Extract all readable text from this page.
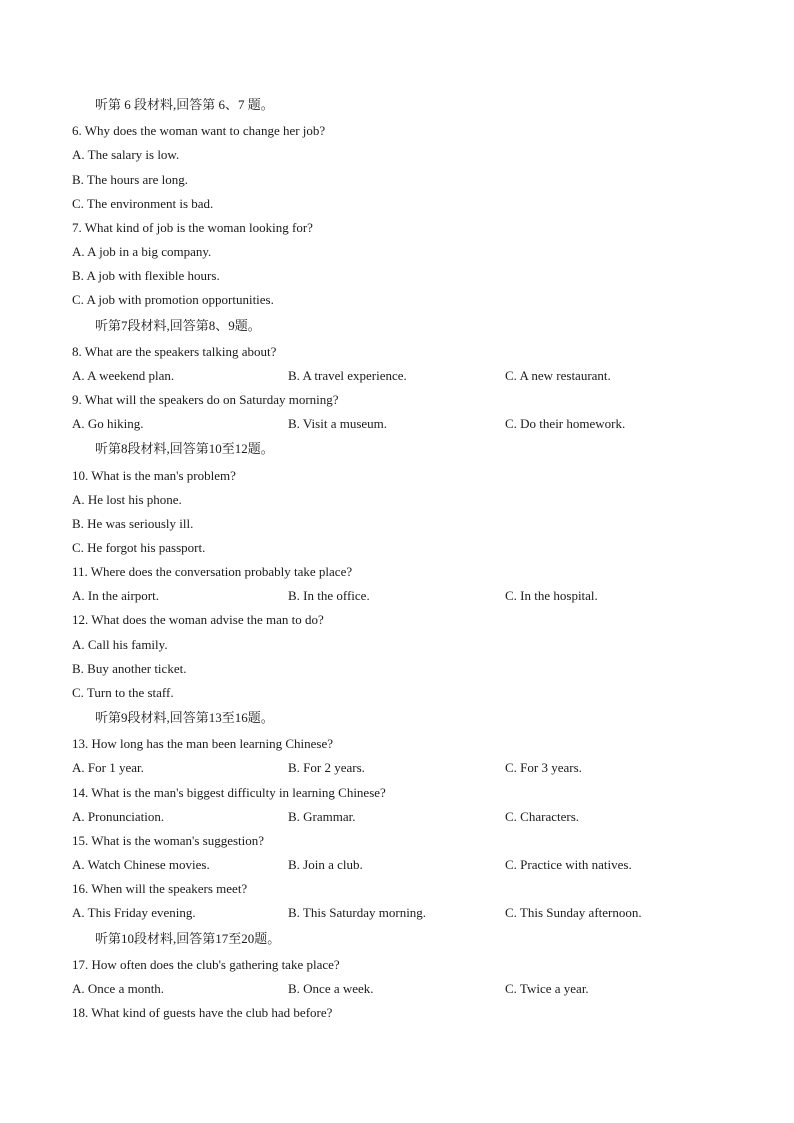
听第 6 段材料,回答第 6、7 题。
6. Why does the woman want to change her job?
A. The salary is low.
B. The hours are long.
C. The environment is bad.
7. What kind of job is the woman looking for?
A. A job in a big company.
B. A job with flexible hours.
C. A job with promotion opportunities.
听第7段材料,回答第8、9题。
8. What are the speakers talking about?
A. A weekend plan.	B. A travel experience.	C. A new restaurant.
9. What will the speakers do on Saturday morning?
A. Go hiking.	B. Visit a museum.	C. Do their homework.
听第8段材料,回答第10至12题。
10. What is the man's problem?
A. He lost his phone.
B. He was seriously ill.
C. He forgot his passport.
11. Where does the conversation probably take place?
A. In the airport.	B. In the office.	C. In the hospital.
12. What does the woman advise the man to do?
A. Call his family.
B. Buy another ticket.
C. Turn to the staff.
听第9段材料,回答第13至16题。
13. How long has the man been learning Chinese?
A. For 1 year.	B. For 2 years.	C. For 3 years.
14. What is the man's biggest difficulty in learning Chinese?
A. Pronunciation.	B. Grammar.	C. Characters.
15. What is the woman's suggestion?
A. Watch Chinese movies.	B. Join a club.	C. Practice with natives.
16. When will the speakers meet?
A. This Friday evening.	B. This Saturday morning.	C. This Sunday afternoon.
听第10段材料,回答第17至20题。
17. How often does the club's gathering take place?
A. Once a month.	B. Once a week.	C. Twice a year.
18. What kind of guests have the club had before?
